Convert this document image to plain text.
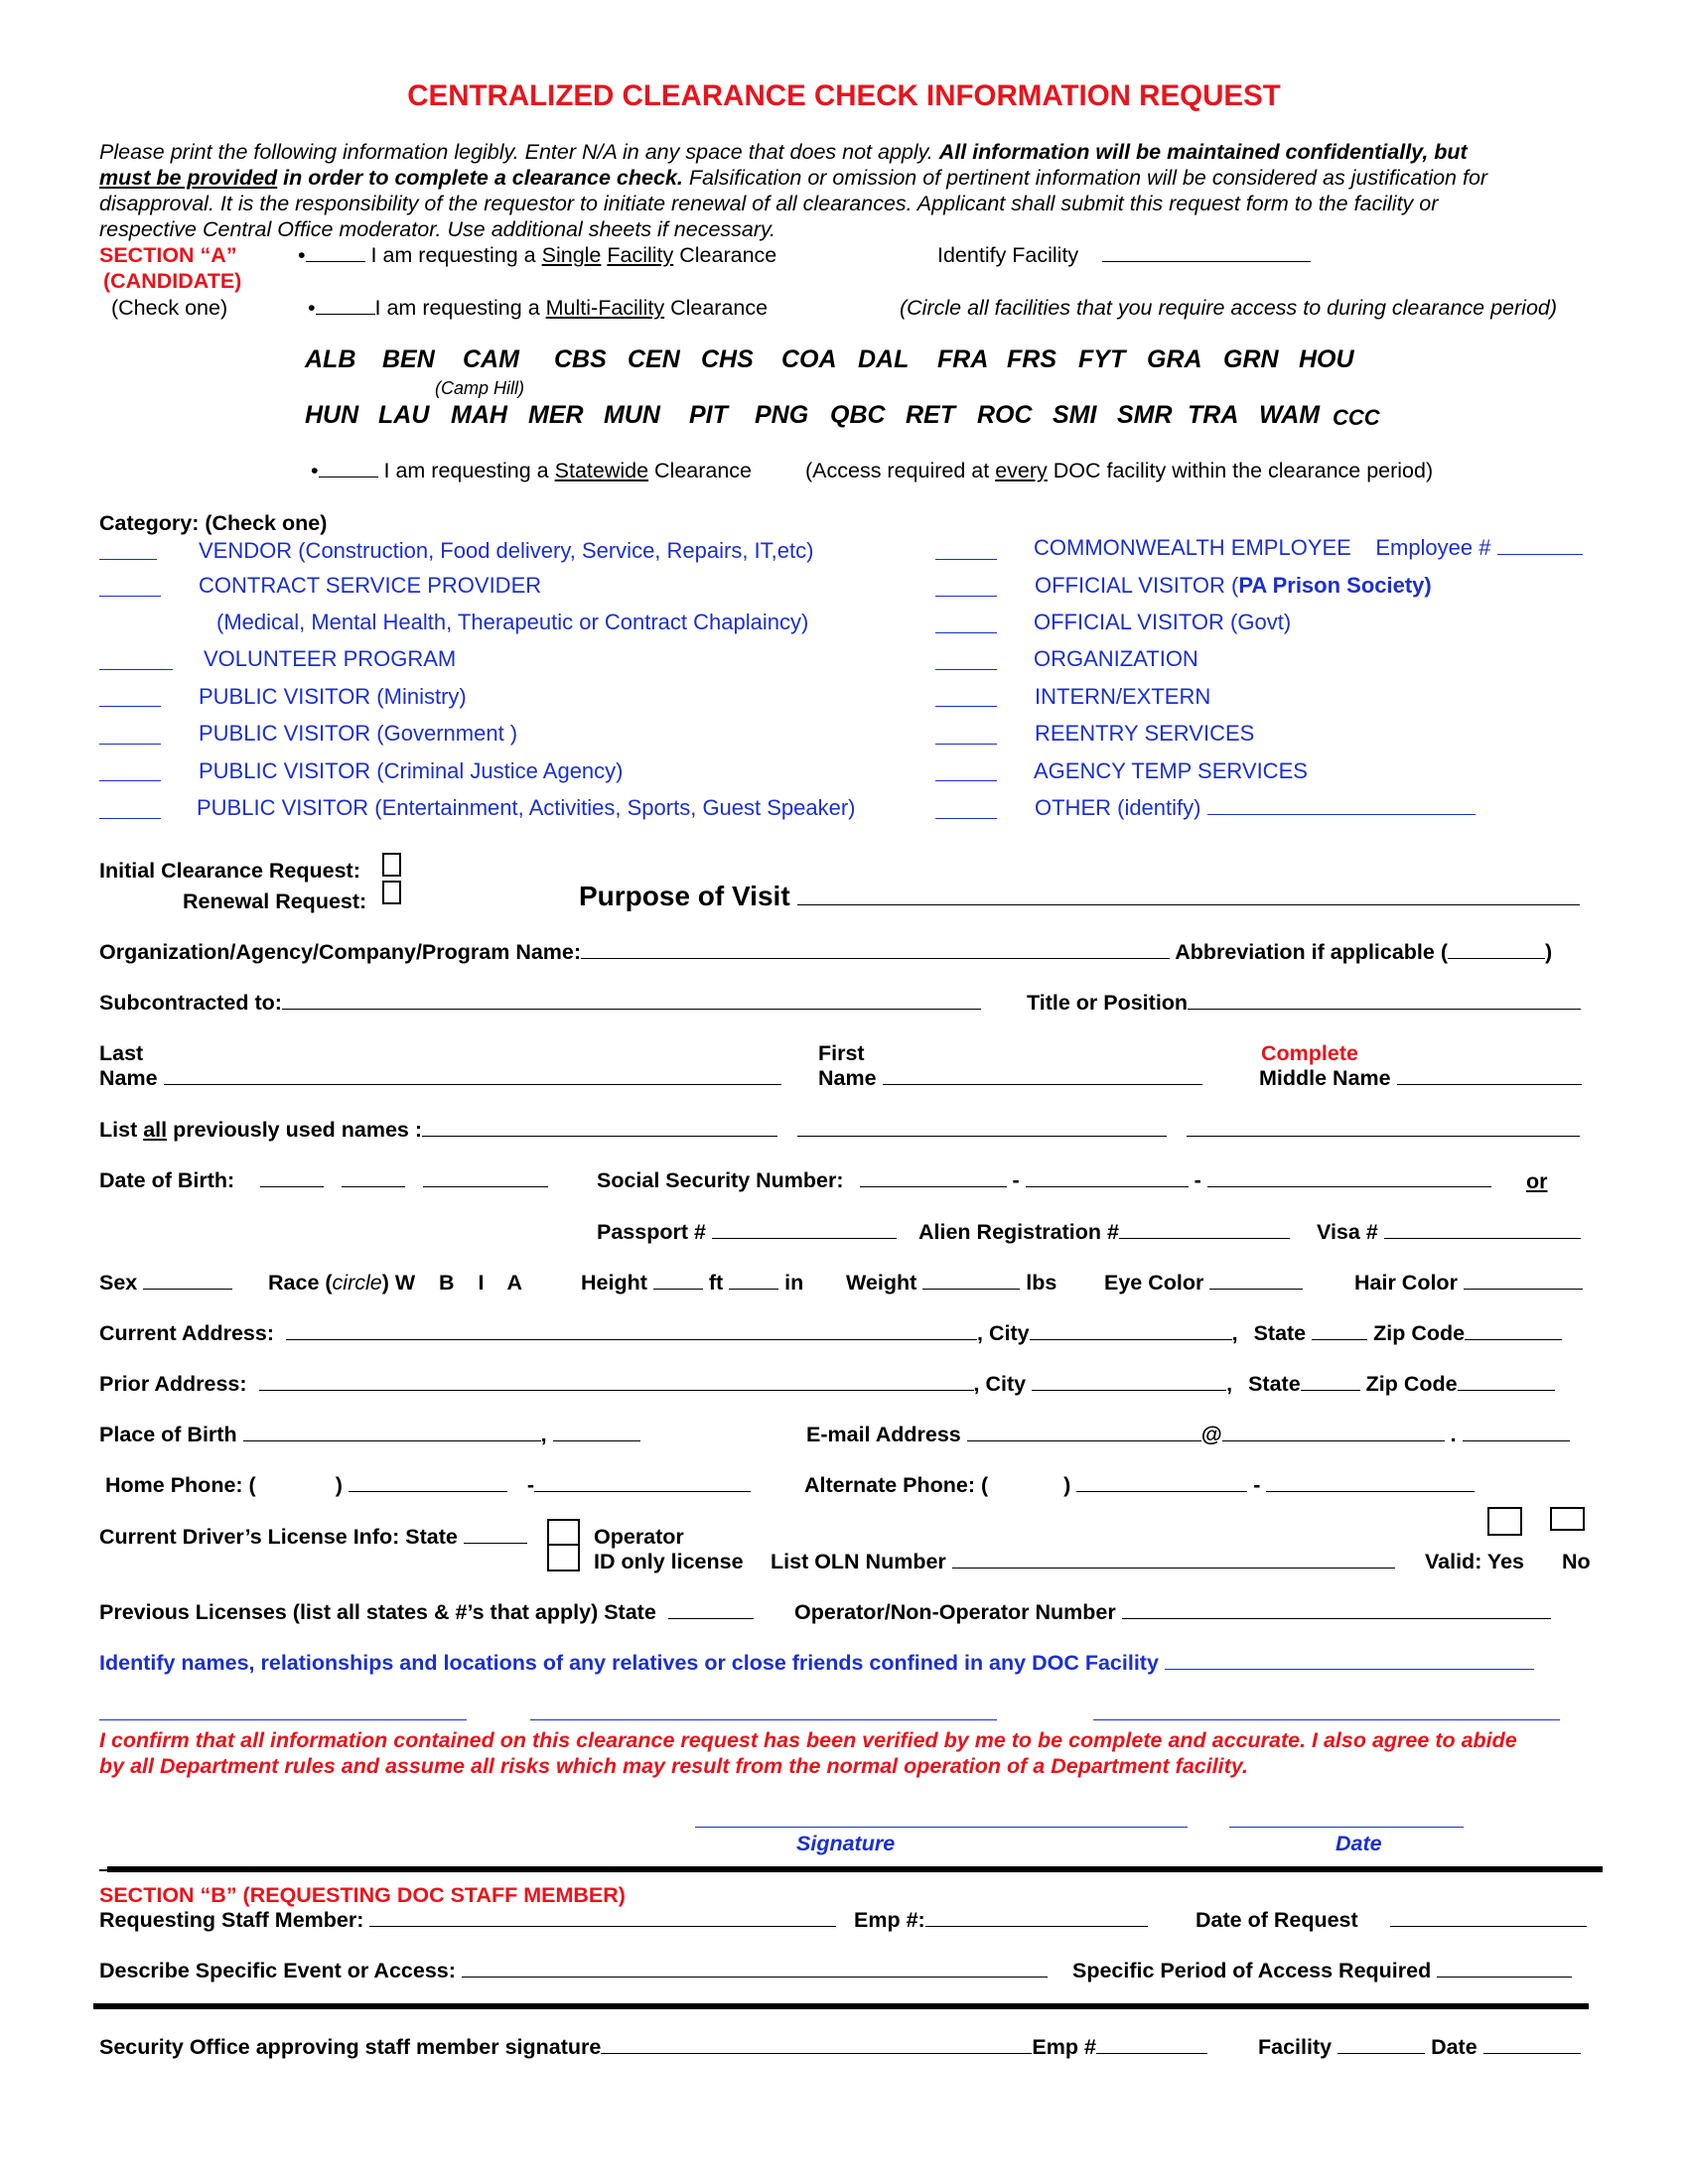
CENTRALIZED CLEARANCE CHECK INFORMATION REQUEST
Please print the following information legibly. Enter N/A in any space that does not apply. All information will be maintained confidentially, but
must be provided in order to complete a clearance check. Falsification or omission of pertinent information will be considered as justification for
disapproval. It is the responsibility of the requestor to initiate renewal of all clearances. Applicant shall submit this request form to the facility or
respective Central Office moderator. Use additional sheets if necessary.
SECTION “A”
(CANDIDATE)
(Check one)
•	I am requesting a Single Facility Clearance	Identify Facility
•	I am requesting a Multi-Facility Clearance	(Circle all facilities that you require access to during clearance period)
ALB BEN CAM CBS CEN CHS COA DAL FRA FRS FYT GRA GRN HOU
(Camp Hill)
HUN LAU MAH MER MUN PIT PNG QBC RET ROC SMI SMR TRA WAM CCC
•	I am requesting a Statewide Clearance	(Access required at every DOC facility within the clearance period)
Category: (Check one)
VENDOR (Construction, Food delivery, Service, Repairs, IT,etc)
CONTRACT SERVICE PROVIDER
(Medical, Mental Health, Therapeutic or Contract Chaplaincy)
VOLUNTEER PROGRAM
PUBLIC VISITOR (Ministry)
PUBLIC VISITOR (Government )
PUBLIC VISITOR (Criminal Justice Agency)
PUBLIC VISITOR (Entertainment, Activities, Sports, Guest Speaker)
COMMONWEALTH EMPLOYEE Employee #
OFFICIAL VISITOR (PA Prison Society)
OFFICIAL VISITOR (Govt)
ORGANIZATION
INTERN/EXTERN
REENTRY SERVICES
AGENCY TEMP SERVICES
OTHER (identify)
Initial Clearance Request:
Renewal Request:	Purpose of Visit
Organization/Agency/Company/Program Name:	Abbreviation if applicable (	)
Subcontracted to:	Title or Position
Last
Name
First
Name
Complete
Middle Name
List all previously used names :
Date of Birth:	Social Security Number:	-	-	or
Passport #	Alien Registration #	Visa #
Sex	Race (circle) W    B    I    A	Height	ft	in Weight	lbs Eye Color	Hair Color
Current Address:	, City	, State	Zip Code
Prior Address:	, City	, State	Zip Code
Place of Birth	,	E-mail Address	@	.
Home Phone: (	)	-	Alternate Phone: (	)	-
Current Driver’s License Info: State	Operator
ID only license List OLN Number	Valid: Yes No
Previous Licenses (list all states & #’s that apply) State	Operator/Non-Operator Number
Identify names, relationships and locations of any relatives or close friends confined in any DOC Facility
I confirm that all information contained on this clearance request has been verified by me to be complete and accurate. I also agree to abide
by all Department rules and assume all risks which may result from the normal operation of a Department facility.
Signature	Date
SECTION “B” (REQUESTING DOC STAFF MEMBER)
Requesting Staff Member:	Emp #:	Date of Request
Describe Specific Event or Access:	Specific Period of Access Required
Security Office approving staff member signature	Emp #	Facility	Date
